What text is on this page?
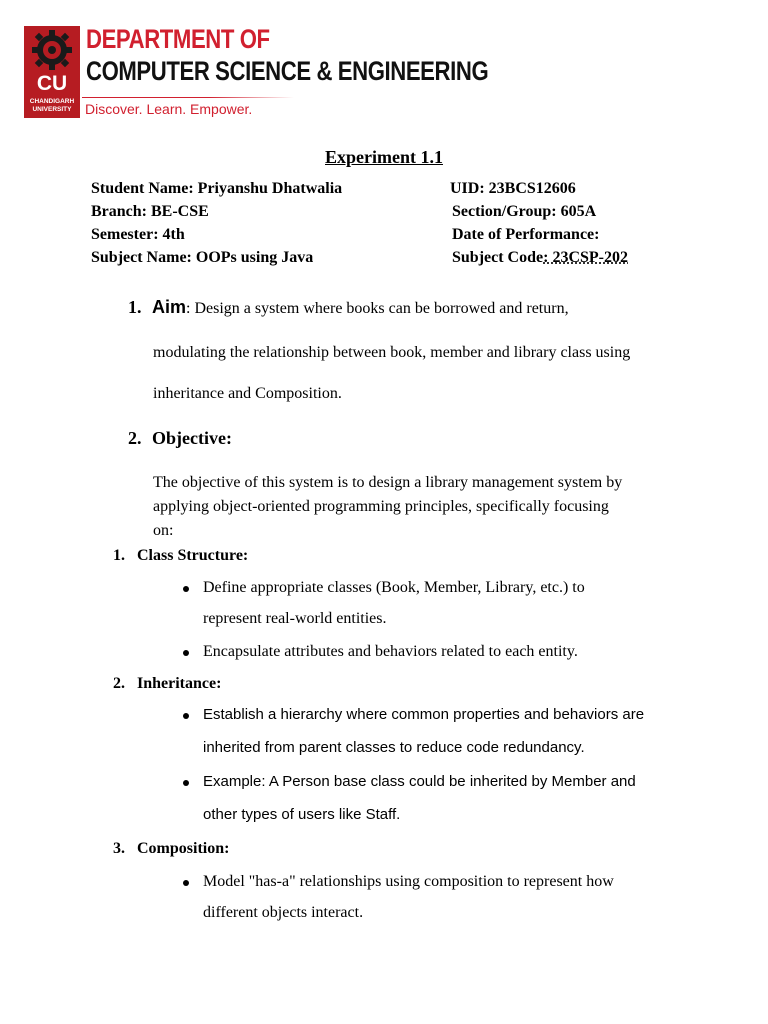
CU
CHANDIGARH UNIVERSITY
DEPARTMENT OF
COMPUTER SCIENCE & ENGINEERING
Discover. Learn. Empower.
Experiment 1.1
Student Name: Priyanshu Dhatwalia	UID: 23BCS12606
Branch: BE-CSE	Section/Group: 605A
Semester: 4th	Date of Performance:
Subject Name: OOPs using Java	Subject Code: 23CSP-202
1. Aim: Design a system where books can be borrowed and return,
modulating the relationship between book, member and library class using
inheritance and Composition.
2. Objective:
The objective of this system is to design a library management system by
applying object-oriented programming principles, specifically focusing
on:
1. Class Structure:
Define appropriate classes (Book, Member, Library, etc.) to
represent real-world entities.
Encapsulate attributes and behaviors related to each entity.
2. Inheritance:
Establish a hierarchy where common properties and behaviors are
inherited from parent classes to reduce code redundancy.
Example: A Person base class could be inherited by Member and
other types of users like Staff.
3. Composition:
Model "has-a" relationships using composition to represent how
different objects interact.
